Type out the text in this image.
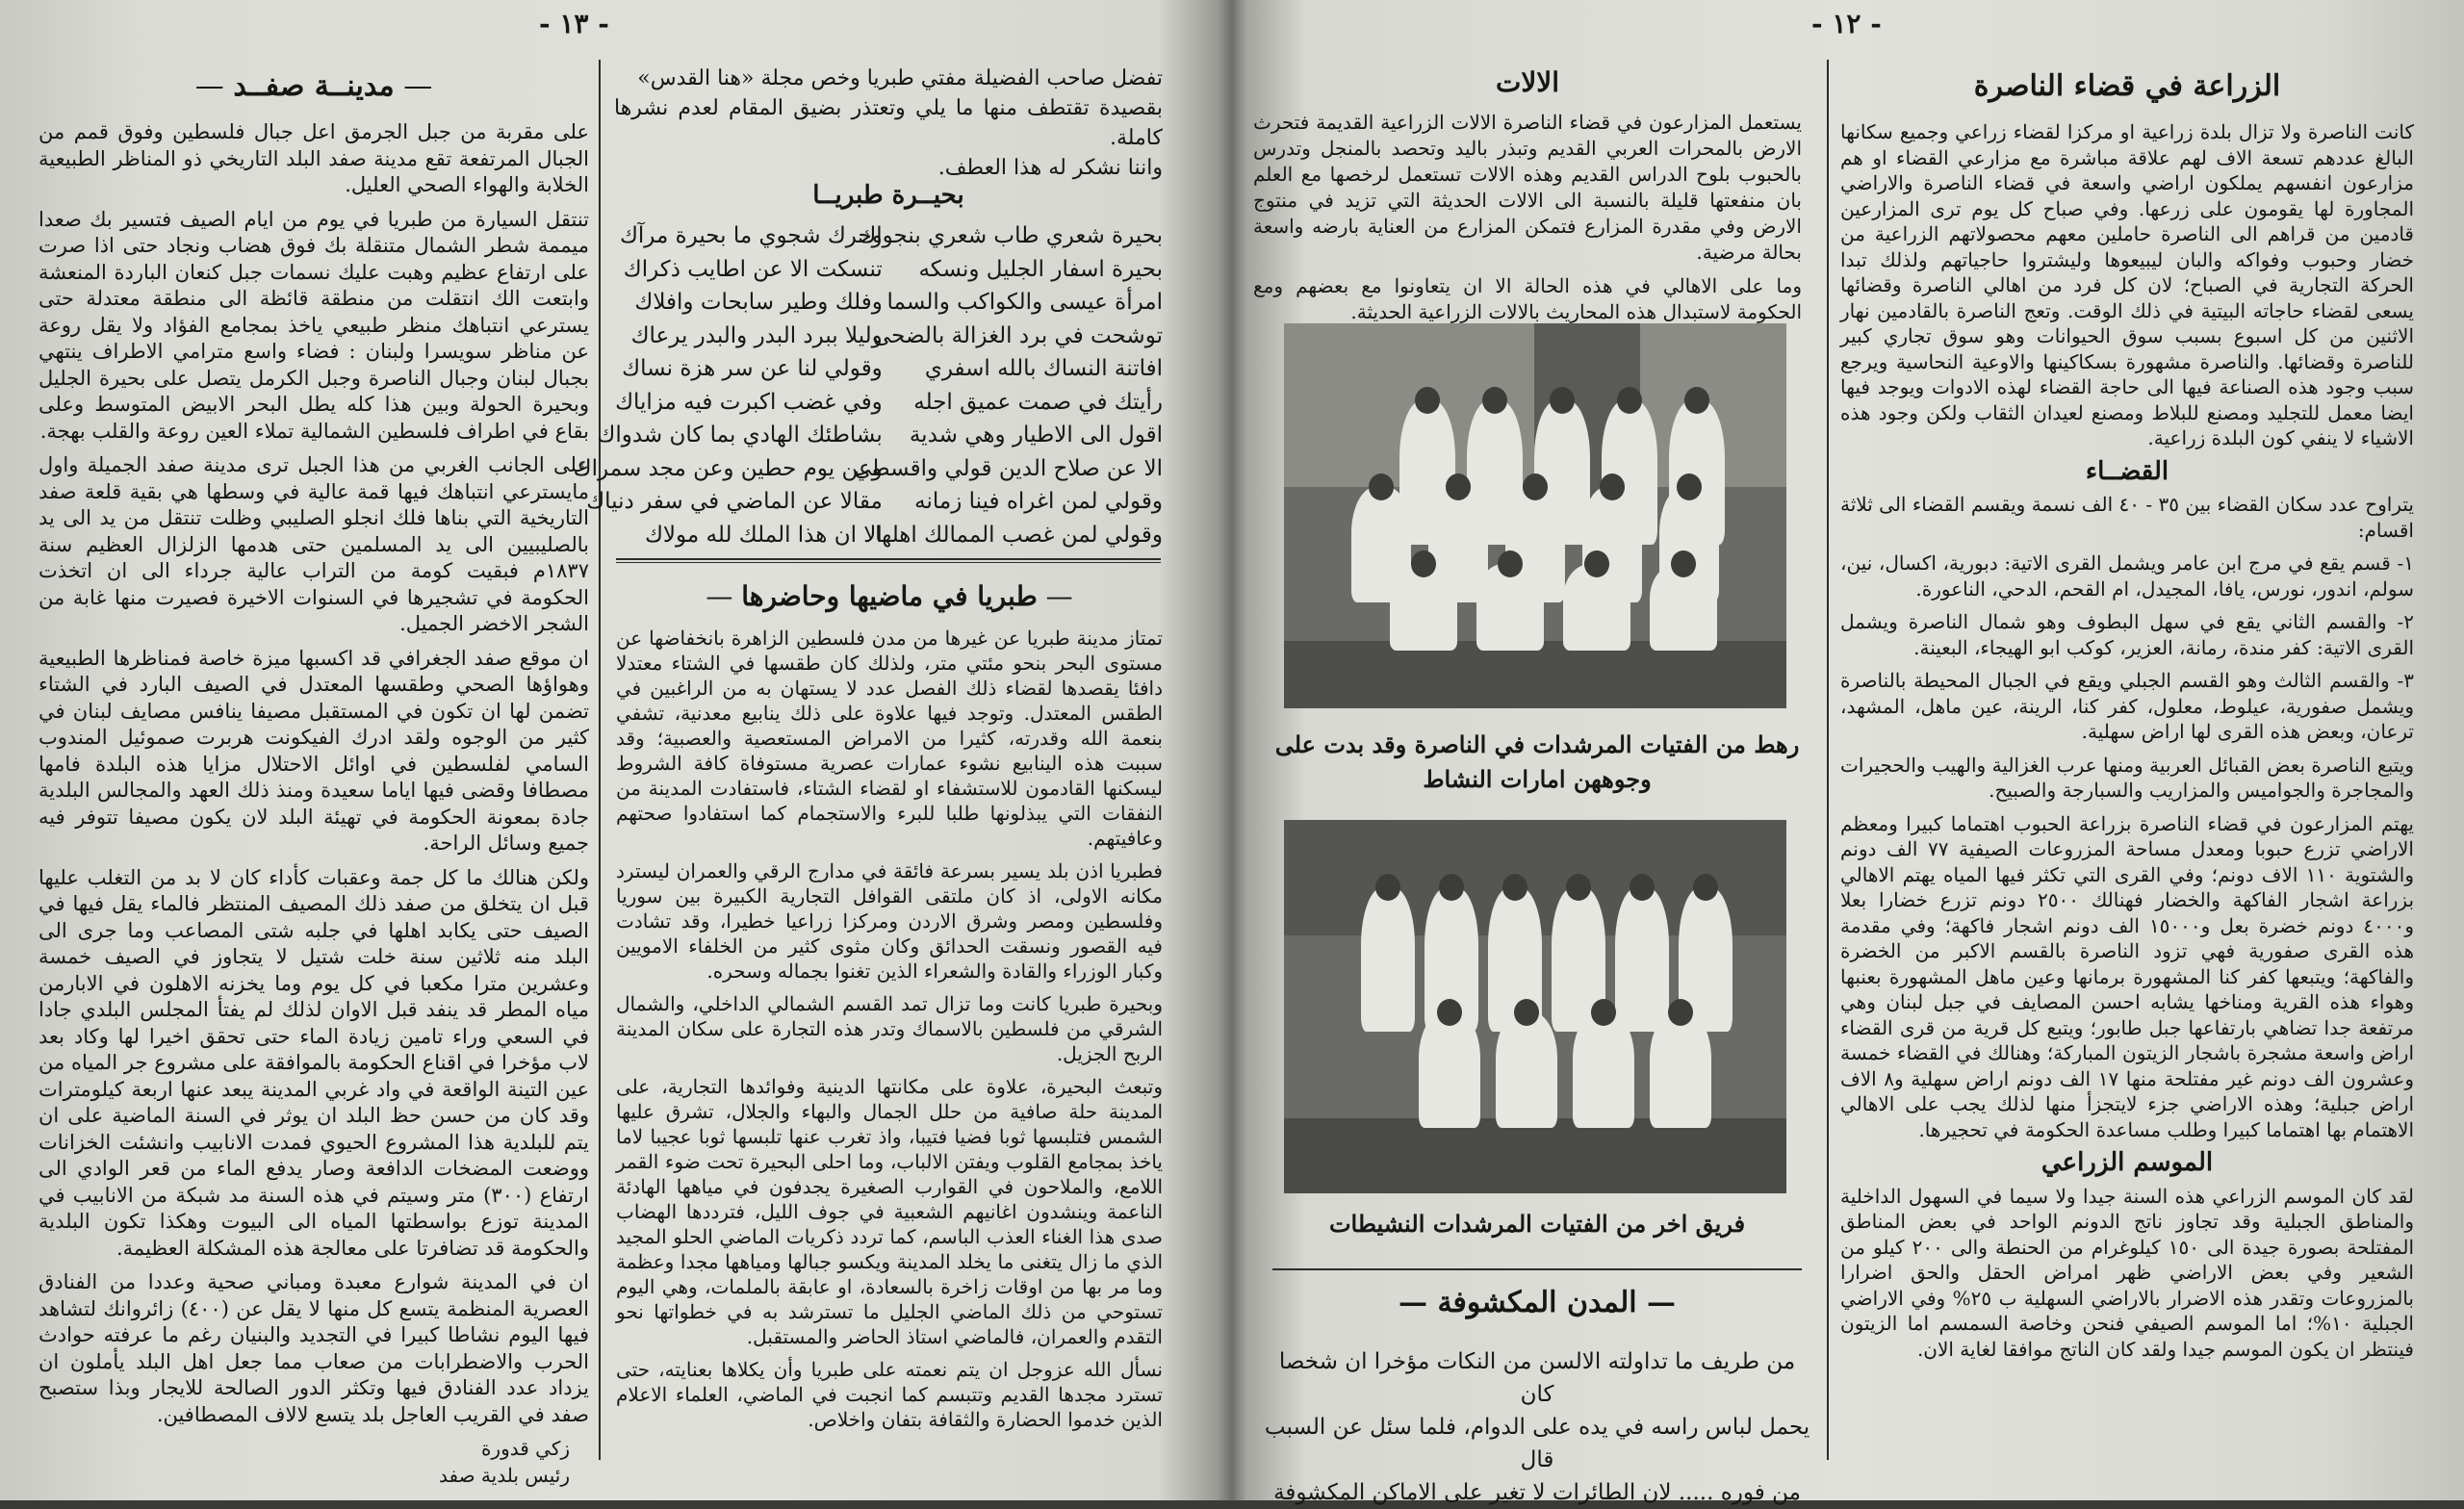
- ١٣ -
— مدينــة صفــد —

على مقربة من جبل الجرمق اعل جبال فلسطين وفوق قمم من الجبال المرتفعة تقع مدينة صفد البلد التاريخي ذو المناظر الطبيعية الخلابة والهواء الصحي العليل.

تنتقل السيارة من طبريا في يوم من ايام الصيف فتسير بك صعدا ميممة شطر الشمال متنقلة بك فوق هضاب ونجاد حتى اذا صرت على ارتفاع عظيم وهبت عليك نسمات جبل كنعان الباردة المنعشة وابتعت الك انتقلت من منطقة قائظة الى منطقة معتدلة حتى يسترعي انتباهك منظر طبيعي ياخذ بمجامع الفؤاد ولا يقل روعة عن مناظر سويسرا ولبنان : فضاء واسع مترامي الاطراف ينتهي بجبال لبنان وجبال الناصرة وجبل الكرمل يتصل على بحيرة الجليل وبحيرة الحولة وبين هذا كله يطل البحر الابيض المتوسط وعلى بقاع في اطراف فلسطين الشمالية تملاء العين روعة والقلب بهجة.

على الجانب الغربي من هذا الجبل ترى مدينة صفد الجميلة واول مايسترعي انتباهك فيها قمة عالية في وسطها هي بقية قلعة صفد التاريخية التي بناها فلك انجلو الصليبي وظلت تنتقل من يد الى يد بالصليبيين الى يد المسلمين حتى هدمها الزلزال العظيم سنة ١٨٣٧م فبقيت كومة من التراب عالية جرداء الى ان اتخذت الحكومة في تشجيرها في السنوات الاخيرة فصيرت منها غابة من الشجر الاخضر الجميل.

ان موقع صفد الجغرافي قد اكسبها ميزة خاصة فمناظرها الطبيعية وهواؤها الصحي وطقسها المعتدل في الصيف البارد في الشتاء تضمن لها ان تكون في المستقبل مصيفا ينافس مصايف لبنان في كثير من الوجوه ولقد ادرك الفيكونت هربرت صموئيل المندوب السامي لفلسطين في اوائل الاحتلال مزايا هذه البلدة فامها مصطافا وقضى فيها اياما سعيدة ومنذ ذلك العهد والمجالس البلدية جادة بمعونة الحكومة في تهيئة البلد لان يكون مصيفا تتوفر فيه جميع وسائل الراحة.

ولكن هنالك ما كل جمة وعقبات كأداء كان لا بد من التغلب عليها قبل ان يتخلق من صفد ذلك المصيف المنتظر فالماء يقل فيها في الصيف حتى يكابد اهلها في جلبه شتى المصاعب وما جرى الى البلد منه ثلاثين سنة خلت شتيل لا يتجاوز في الصيف خمسة وعشرين مترا مكعبا في كل يوم وما يخزنه الاهلون في الابارمن مياه المطر قد ينفد قبل الاوان لذلك لم يفتأ المجلس البلدي جادا في السعي وراء تامين زيادة الماء حتى تحقق اخيرا لها وكاد بعد لاب مؤخرا في اقناع الحكومة بالموافقة على مشروع جر المياه من عين التينة الواقعة في واد غربي المدينة يبعد عنها اربعة كيلومترات وقد كان من حسن حظ البلد ان يوثر في السنة الماضية على ان يتم للبلدية هذا المشروع الحيوي فمدت الانابيب وانشئت الخزانات ووضعت المضخات الدافعة وصار يدفع الماء من قعر الوادي الى ارتفاع (٣٠٠) متر وسيتم في هذه السنة مد شبكة من الانابيب في المدينة توزع بواسطتها المياه الى البيوت وهكذا تكون البلدية والحكومة قد تضافرتا على معالجة هذه المشكلة العظيمة.

ان في المدينة شوارع معبدة ومباني صحية وعددا من الفنادق العصرية المنظمة يتسع كل منها لا يقل عن (٤٠٠) زائروانك لتشاهد فيها اليوم نشاطا كبيرا في التجديد والبنيان رغم ما عرفته حوادث الحرب والاضطرابات من صعاب مما جعل اهل البلد يأملون ان يزداد عدد الفنادق فيها وتكثر الدور الصالحة للايجار وبذا ستصبح صفد في القريب العاجل بلد يتسع لالاف المصطافين.

زكي قدورة
رئيس بلدية صفد
تفضل صاحب الفضيلة مفتي طبريا وخص مجلة «هنا القدس»
بقصيدة تقتطف منها ما يلي وتعتذر بضيق المقام لعدم نشرها كاملة.
واننا نشكر له هذا العطف.
بحيــرة طبريــا
بحيرة شعري طاب شعري بنجواك
وحرك شجوي ما بحيرة مرآك
بحيرة اسفار الجليل ونسكه
تنسكت الا عن اطايب ذكراك
امرأة عيسى والكواكب والسما
وفلك وطير سابحات وافلاك
توشحت في برد الغزالة بالضحى
وليلا ببرد البدر والبدر يرعاك
افاتنة النساك بالله اسفري
وقولي لنا عن سر هزة نساك
رأيتك في صمت عميق اجله
وفي غضب اكبرت فيه مزاياك
اقول الى الاطيار وهي شدية
بشاطئك الهادي بما كان شدواك
الا عن صلاح الدين قولي واقسطي
وعن يوم حطين وعن مجد سمراك
وقولي لمن اغراه فينا زمانه
مقالا عن الماضي في سفر دنياك
وقولي لمن غصب الممالك اهلها
الا ان هذا الملك لله مولاك
— طبريا في ماضيها وحاضرها —

تمتاز مدينة طبريا عن غيرها من مدن فلسطين الزاهرة بانخفاضها عن مستوى البحر بنحو مئتي متر، ولذلك كان طقسها في الشتاء معتدلا دافئا يقصدها لقضاء ذلك الفصل عدد لا يستهان به من الراغبين في الطقس المعتدل. وتوجد فيها علاوة على ذلك ينابيع معدنية، تشفي بنعمة الله وقدرته، كثيرا من الامراض المستعصية والعصبية؛ وقد سببت هذه الينابيع نشوء عمارات عصرية مستوفاة كافة الشروط ليسكنها القادمون للاستشفاء او لقضاء الشتاء، فاستفادت المدينة من النفقات التي يبذلونها طلبا للبرء والاستجمام كما استفادوا صحتهم وعافيتهم.

فطبريا اذن بلد يسير بسرعة فائقة في مدارج الرقي والعمران ليسترد مكانه الاولى، اذ كان ملتقى القوافل التجارية الكبيرة بين سوريا وفلسطين ومصر وشرق الاردن ومركزا زراعيا خطيرا، وقد تشادت فيه القصور ونسقت الحدائق وكان مثوى كثير من الخلفاء الامويين وكبار الوزراء والقادة والشعراء الذين تغنوا بجماله وسحره.

وبحيرة طبريا كانت وما تزال تمد القسم الشمالي الداخلي، والشمال الشرقي من فلسطين بالاسماك وتدر هذه التجارة على سكان المدينة الربح الجزيل.

وتبعث البحيرة، علاوة على مكانتها الدينية وفوائدها التجارية، على المدينة حلة صافية من حلل الجمال والبهاء والجلال، تشرق عليها الشمس فتلبسها ثوبا فضيا فتيبا، واذ تغرب عنها تلبسها ثوبا عجيبا لاما ياخذ بمجامع القلوب ويفتن الالباب، وما احلى البحيرة تحت ضوء القمر اللامع، والملاحون في القوارب الصغيرة يجدفون في مياهها الهادئة الناعمة وينشدون اغانيهم الشعبية في جوف الليل، فترددها الهضاب صدى هذا الغناء العذب الباسم، كما تردد ذكريات الماضي الحلو المجيد الذي ما زال يتغنى ما يخلد المدينة ويكسو جبالها ومياهها مجدا وعظمة وما مر بها من اوقات زاخرة بالسعادة، او عابقة بالملمات، وهي اليوم تستوحي من ذلك الماضي الجليل ما تسترشد به في خطواتها نحو التقدم والعمران، فالماضي استاذ الحاضر والمستقبل.

نسأل الله عزوجل ان يتم نعمته على طبريا وأن يكلاها بعنايته، حتى تسترد مجدها القديم وتتبسم كما انجبت في الماضي، العلماء الاعلام الذين خدموا الحضارة والثقافة بتفان واخلاص.

- ١٢ -
الالات

يستعمل المزارعون في قضاء الناصرة الالات الزراعية القديمة فتحرث الارض بالمحرات العربي القديم وتبذر باليد وتحصد بالمنجل وتدرس بالحبوب بلوح الدراس القديم وهذه الالات تستعمل لرخصها مع العلم بان منفعتها قليلة بالنسبة الى الالات الحديثة التي تزيد في منتوج الارض وفي مقدرة المزارع فتمكن المزارع من العناية بارضه واسعة بحالة مرضية.

وما على الاهالي في هذه الحالة الا ان يتعاونوا مع بعضهم ومع الحكومة لاستبدال هذه المحاريث بالالات الزراعية الحديثة.

رهط من الفتيات المرشدات في الناصرة وقد بدت على وجوههن امارات النشاط
فريق اخر من الفتيات المرشدات النشيطات
— المدن المكشوفة —
من طريف ما تداولته الالسن من النكات مؤخرا ان شخصا كان
يحمل لباس راسه في يده على الدوام، فلما سئل عن السبب قال
من فوره ..... لان الطائرات لا تغير على الاماكن المكشوفة
الزراعة في قضاء الناصرة

كانت الناصرة ولا تزال بلدة زراعية او مركزا لقضاء زراعي وجميع سكانها البالغ عددهم تسعة الاف لهم علاقة مباشرة مع مزارعي القضاء او هم مزارعون انفسهم يملكون اراضي واسعة في قضاء الناصرة والاراضي المجاورة لها يقومون على زرعها. وفي صباح كل يوم ترى المزارعين قادمين من قراهم الى الناصرة حاملين معهم محصولاتهم الزراعية من خضار وحبوب وفواكه والبان ليبيعوها وليشتروا حاجياتهم ولذلك تبدا الحركة التجارية في الصباح؛ لان كل فرد من اهالي الناصرة وقضائها يسعى لقضاء حاجاته البيتية في ذلك الوقت. وتعج الناصرة بالقادمين نهار الاثنين من كل اسبوع بسبب سوق الحيوانات وهو سوق تجاري كبير للناصرة وقضائها. والناصرة مشهورة بسكاكينها والاوعية النحاسية ويرجع سبب وجود هذه الصناعة فيها الى حاجة القضاء لهذه الادوات ويوجد فيها ايضا معمل للتجليد ومصنع للبلاط ومصنع لعيدان الثقاب ولكن وجود هذه الاشياء لا ينفي كون البلدة زراعية.

القضــاء

يتراوح عدد سكان القضاء بين ٣٥ - ٤٠ الف نسمة ويقسم القضاء الى ثلاثة اقسام:

١- قسم يقع في مرج ابن عامر ويشمل القرى الاتية: دبورية، اكسال، نين، سولم، اندور، نورس، يافا، المجيدل، ام القحم، الدحي، الناعورة.

٢- والقسم الثاني يقع في سهل البطوف وهو شمال الناصرة ويشمل القرى الاتية: كفر مندة، رمانة، العزير، كوكب ابو الهيجاء، البعينة.

٣- والقسم الثالث وهو القسم الجبلي ويقع في الجبال المحيطة بالناصرة ويشمل صفورية، عيلوط، معلول، كفر كنا، الرينة، عين ماهل، المشهد، ترعان، وبعض هذه القرى لها اراض سهلية.

ويتبع الناصرة بعض القبائل العربية ومنها عرب الغزالية والهيب والحجيرات والمجاجرة والجواميس والمزاريب والسبارجة والصبيح.

يهتم المزارعون في قضاء الناصرة بزراعة الحبوب اهتماما كبيرا ومعظم الاراضي تزرع حبوبا ومعدل مساحة المزروعات الصيفية ٧٧ الف دونم والشتوية ١١٠ الاف دونم؛ وفي القرى التي تكثر فيها المياه يهتم الاهالي بزراعة اشجار الفاكهة والخضار فهنالك ٢٥٠٠ دونم تزرع خضارا بعلا و٤٠٠٠ دونم خضرة بعل و١٥٠٠٠ الف دونم اشجار فاكهة؛ وفي مقدمة هذه القرى صفورية فهي تزود الناصرة بالقسم الاكبر من الخضرة والفاكهة؛ ويتبعها كفر كنا المشهورة برمانها وعين ماهل المشهورة بعنبها وهواء هذه القرية ومناخها يشابه احسن المصايف في جبل لبنان وهي مرتفعة جدا تضاهي بارتفاعها جبل طابور؛ ويتبع كل قرية من قرى القضاء اراض واسعة مشجرة باشجار الزيتون المباركة؛ وهنالك في القضاء خمسة وعشرون الف دونم غير مفتلحة منها ١٧ الف دونم اراض سهلية و٨ الاف اراض جبلية؛ وهذه الاراضي جزء لايتجزأ منها لذلك يجب على الاهالي الاهتمام بها اهتماما كبيرا وطلب مساعدة الحكومة في تحجيرها.

الموسم الزراعي

لقد كان الموسم الزراعي هذه السنة جيدا ولا سيما في السهول الداخلية والمناطق الجبلية وقد تجاوز ناتج الدونم الواحد في بعض المناطق المفتلحة بصورة جيدة الى ١٥٠ كيلوغرام من الحنطة والى ٢٠٠ كيلو من الشعير وفي بعض الاراضي ظهر امراض الحقل والحق اضرارا بالمزروعات وتقدر هذه الاضرار بالاراضي السهلية ب ٢٥% وفي الاراضي الجبلية ١٠%؛ اما الموسم الصيفي فنحن وخاصة السمسم اما الزيتون فينتظر ان يكون الموسم جيدا ولقد كان الناتج موافقا لغاية الان.
